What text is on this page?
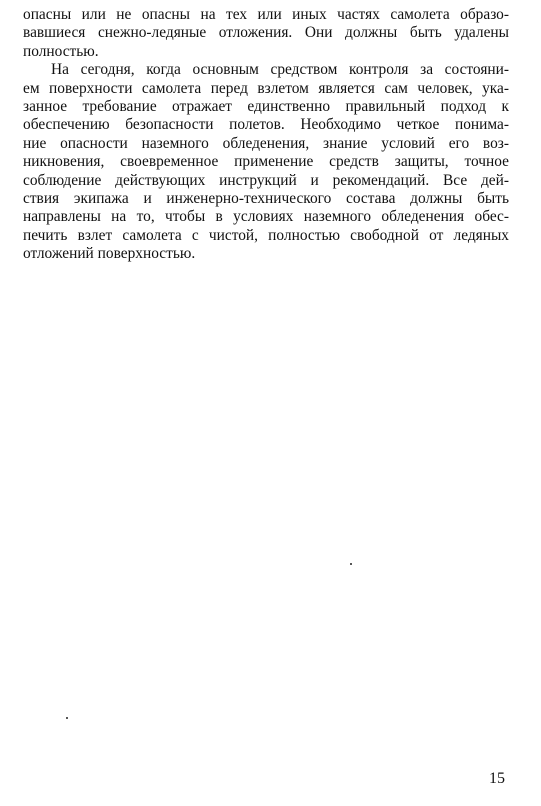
опасны или не опасны на тех или иных частях самолета образо-
вавшиеся снежно-ледяные отложения. Они должны быть удалены
полностью.
На сегодня, когда основным средством контроля за состояни-
ем поверхности самолета перед взлетом является сам человек, ука-
занное требование отражает единственно правильный подход к
обеспечению безопасности полетов. Необходимо четкое понима-
ние опасности наземного обледенения, знание условий его воз-
никновения, своевременное применение средств защиты, точное
соблюдение действующих инструкций и рекомендаций. Все дей-
ствия экипажа и инженерно-технического состава должны быть
направлены на то, чтобы в условиях наземного обледенения обес-
печить взлет самолета с чистой, полностью свободной от ледяных
отложений поверхностью.
15
